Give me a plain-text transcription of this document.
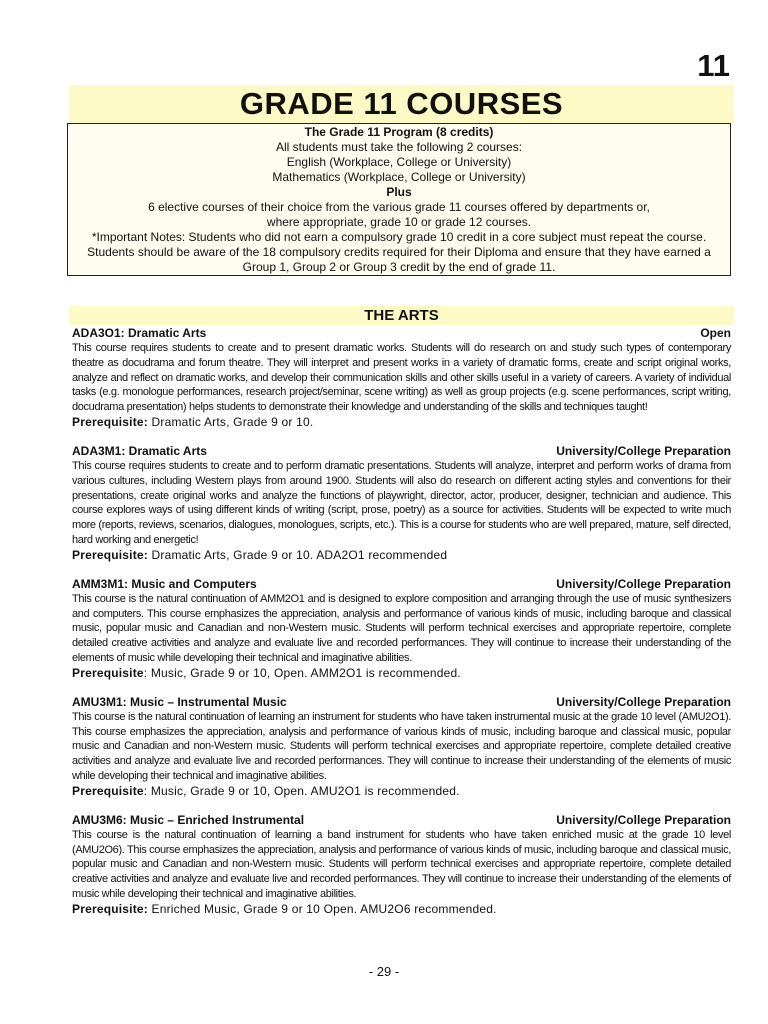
11
GRADE 11 COURSES
The Grade 11 Program (8 credits)
All students must take the following 2 courses:
English (Workplace, College or University)
Mathematics (Workplace, College or University)
Plus
6 elective courses of their choice from the various grade 11 courses offered by departments or,
where appropriate, grade 10 or grade 12 courses.
*Important Notes: Students who did not earn a compulsory grade 10 credit in a core subject must repeat the course.
Students should be aware of the 18 compulsory credits required for their Diploma and ensure that they have earned a
Group 1, Group 2 or Group 3 credit by the end of grade 11.
THE ARTS
ADA3O1: Dramatic Arts	Open
This course requires students to create and to present dramatic works. Students will do research on and study such types of contemporary theatre as docudrama and forum theatre. They will interpret and present works in a variety of dramatic forms, create and script original works, analyze and reflect on dramatic works, and develop their communication skills and other skills useful in a variety of careers. A variety of individual tasks (e.g. monologue performances, research project/seminar, scene writing) as well as group projects (e.g. scene performances, script writing, docudrama presentation) helps students to demonstrate their knowledge and understanding of the skills and techniques taught!
Prerequisite: Dramatic Arts, Grade 9 or 10.
ADA3M1: Dramatic Arts	University/College Preparation
This course requires students to create and to perform dramatic presentations. Students will analyze, interpret and perform works of drama from various cultures, including Western plays from around 1900. Students will also do research on different acting styles and conventions for their presentations, create original works and analyze the functions of playwright, director, actor, producer, designer, technician and audience. This course explores ways of using different kinds of writing (script, prose, poetry) as a source for activities. Students will be expected to write much more (reports, reviews, scenarios, dialogues, monologues, scripts, etc.). This is a course for students who are well prepared, mature, self directed, hard working and energetic!
Prerequisite: Dramatic Arts, Grade 9 or 10. ADA2O1 recommended
AMM3M1: Music and Computers	University/College Preparation
This course is the natural continuation of AMM2O1 and is designed to explore composition and arranging through the use of music synthesizers and computers. This course emphasizes the appreciation, analysis and performance of various kinds of music, including baroque and classical music, popular music and Canadian and non-Western music. Students will perform technical exercises and appropriate repertoire, complete detailed creative activities and analyze and evaluate live and recorded performances. They will continue to increase their understanding of the elements of music while developing their technical and imaginative abilities.
Prerequisite: Music, Grade 9 or 10, Open. AMM2O1 is recommended.
AMU3M1: Music – Instrumental Music	University/College Preparation
This course is the natural continuation of learning an instrument for students who have taken instrumental music at the grade 10 level (AMU2O1). This course emphasizes the appreciation, analysis and performance of various kinds of music, including baroque and classical music, popular music and Canadian and non-Western music. Students will perform technical exercises and appropriate repertoire, complete detailed creative activities and analyze and evaluate live and recorded performances. They will continue to increase their understanding of the elements of music while developing their technical and imaginative abilities.
Prerequisite: Music, Grade 9 or 10, Open. AMU2O1 is recommended.
AMU3M6: Music – Enriched Instrumental	University/College Preparation
This course is the natural continuation of learning a band instrument for students who have taken enriched music at the grade 10 level (AMU2O6). This course emphasizes the appreciation, analysis and performance of various kinds of music, including baroque and classical music, popular music and Canadian and non-Western music. Students will perform technical exercises and appropriate repertoire, complete detailed creative activities and analyze and evaluate live and recorded performances. They will continue to increase their understanding of the elements of music while developing their technical and imaginative abilities.
Prerequisite: Enriched Music, Grade 9 or 10 Open. AMU2O6 recommended.
- 29 -
